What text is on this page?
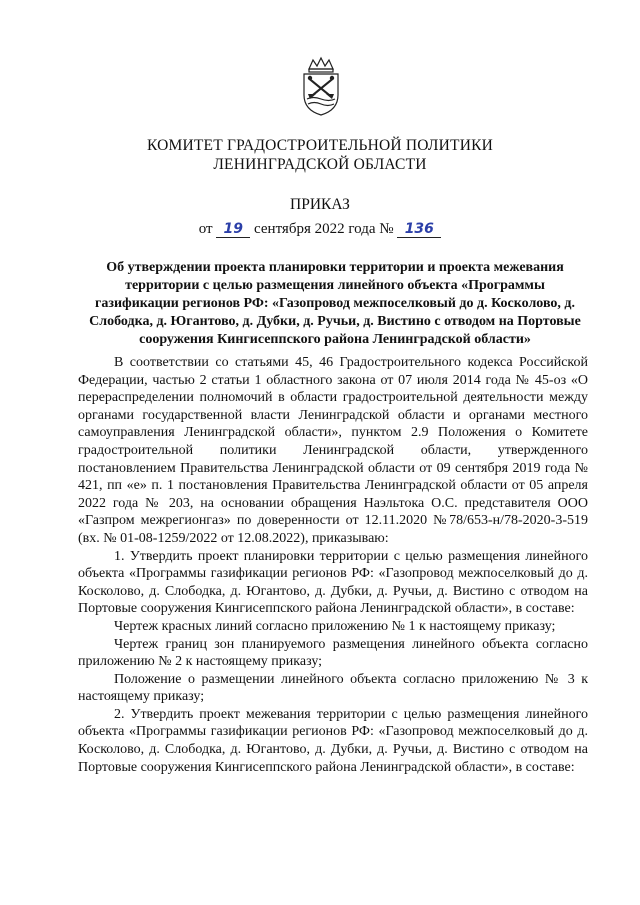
КОМИТЕТ ГРАДОСТРОИТЕЛЬНОЙ ПОЛИТИКИ
ЛЕНИНГРАДСКОЙ ОБЛАСТИ
ПРИКАЗ
от 19 сентября 2022 года № 136
Об утверждении проекта планировки территории и проекта межевания территории с целью размещения линейного объекта «Программы газификации регионов РФ: «Газопровод межпоселковый до д. Косколово, д. Слободка, д. Югантово, д. Дубки, д. Ручьи, д. Вистино с отводом на Портовые сооружения Кингисеппского района Ленинградской области»

В соответствии со статьями 45, 46 Градостроительного кодекса Российской Федерации, частью 2 статьи 1 областного закона от 07 июля 2014 года № 45-оз «О перераспределении полномочий в области градостроительной деятельности между органами государственной власти Ленинградской области и органами местного самоуправления Ленинградской области», пунктом 2.9 Положения о Комитете градостроительной политики Ленинградской области, утвержденного постановлением Правительства Ленинградской области от 09 сентября 2019 года № 421, пп «е» п. 1 постановления Правительства Ленинградской области от 05 апреля 2022 года № 203, на основании обращения Наэльтока О.С. представителя ООО «Газпром межрегионгаз» по доверенности от 12.11.2020 №78/653-н/78-2020-3-519 (вх. № 01-08-1259/2022 от 12.08.2022), приказываю:

1. Утвердить проект планировки территории с целью размещения линейного объекта «Программы газификации регионов РФ: «Газопровод межпоселковый до д. Косколово, д. Слободка, д. Югантово, д. Дубки, д. Ручьи, д. Вистино с отводом на Портовые сооружения Кингисеппского района Ленинградской области», в составе:

Чертеж красных линий согласно приложению № 1 к настоящему приказу;

Чертеж границ зон планируемого размещения линейного объекта согласно приложению № 2 к настоящему приказу;

Положение о размещении линейного объекта согласно приложению № 3 к настоящему приказу;

2. Утвердить проект межевания территории с целью размещения линейного объекта «Программы газификации регионов РФ: «Газопровод межпоселковый до д. Косколово, д. Слободка, д. Югантово, д. Дубки, д. Ручьи, д. Вистино с отводом на Портовые сооружения Кингисеппского района Ленинградской области», в составе:
